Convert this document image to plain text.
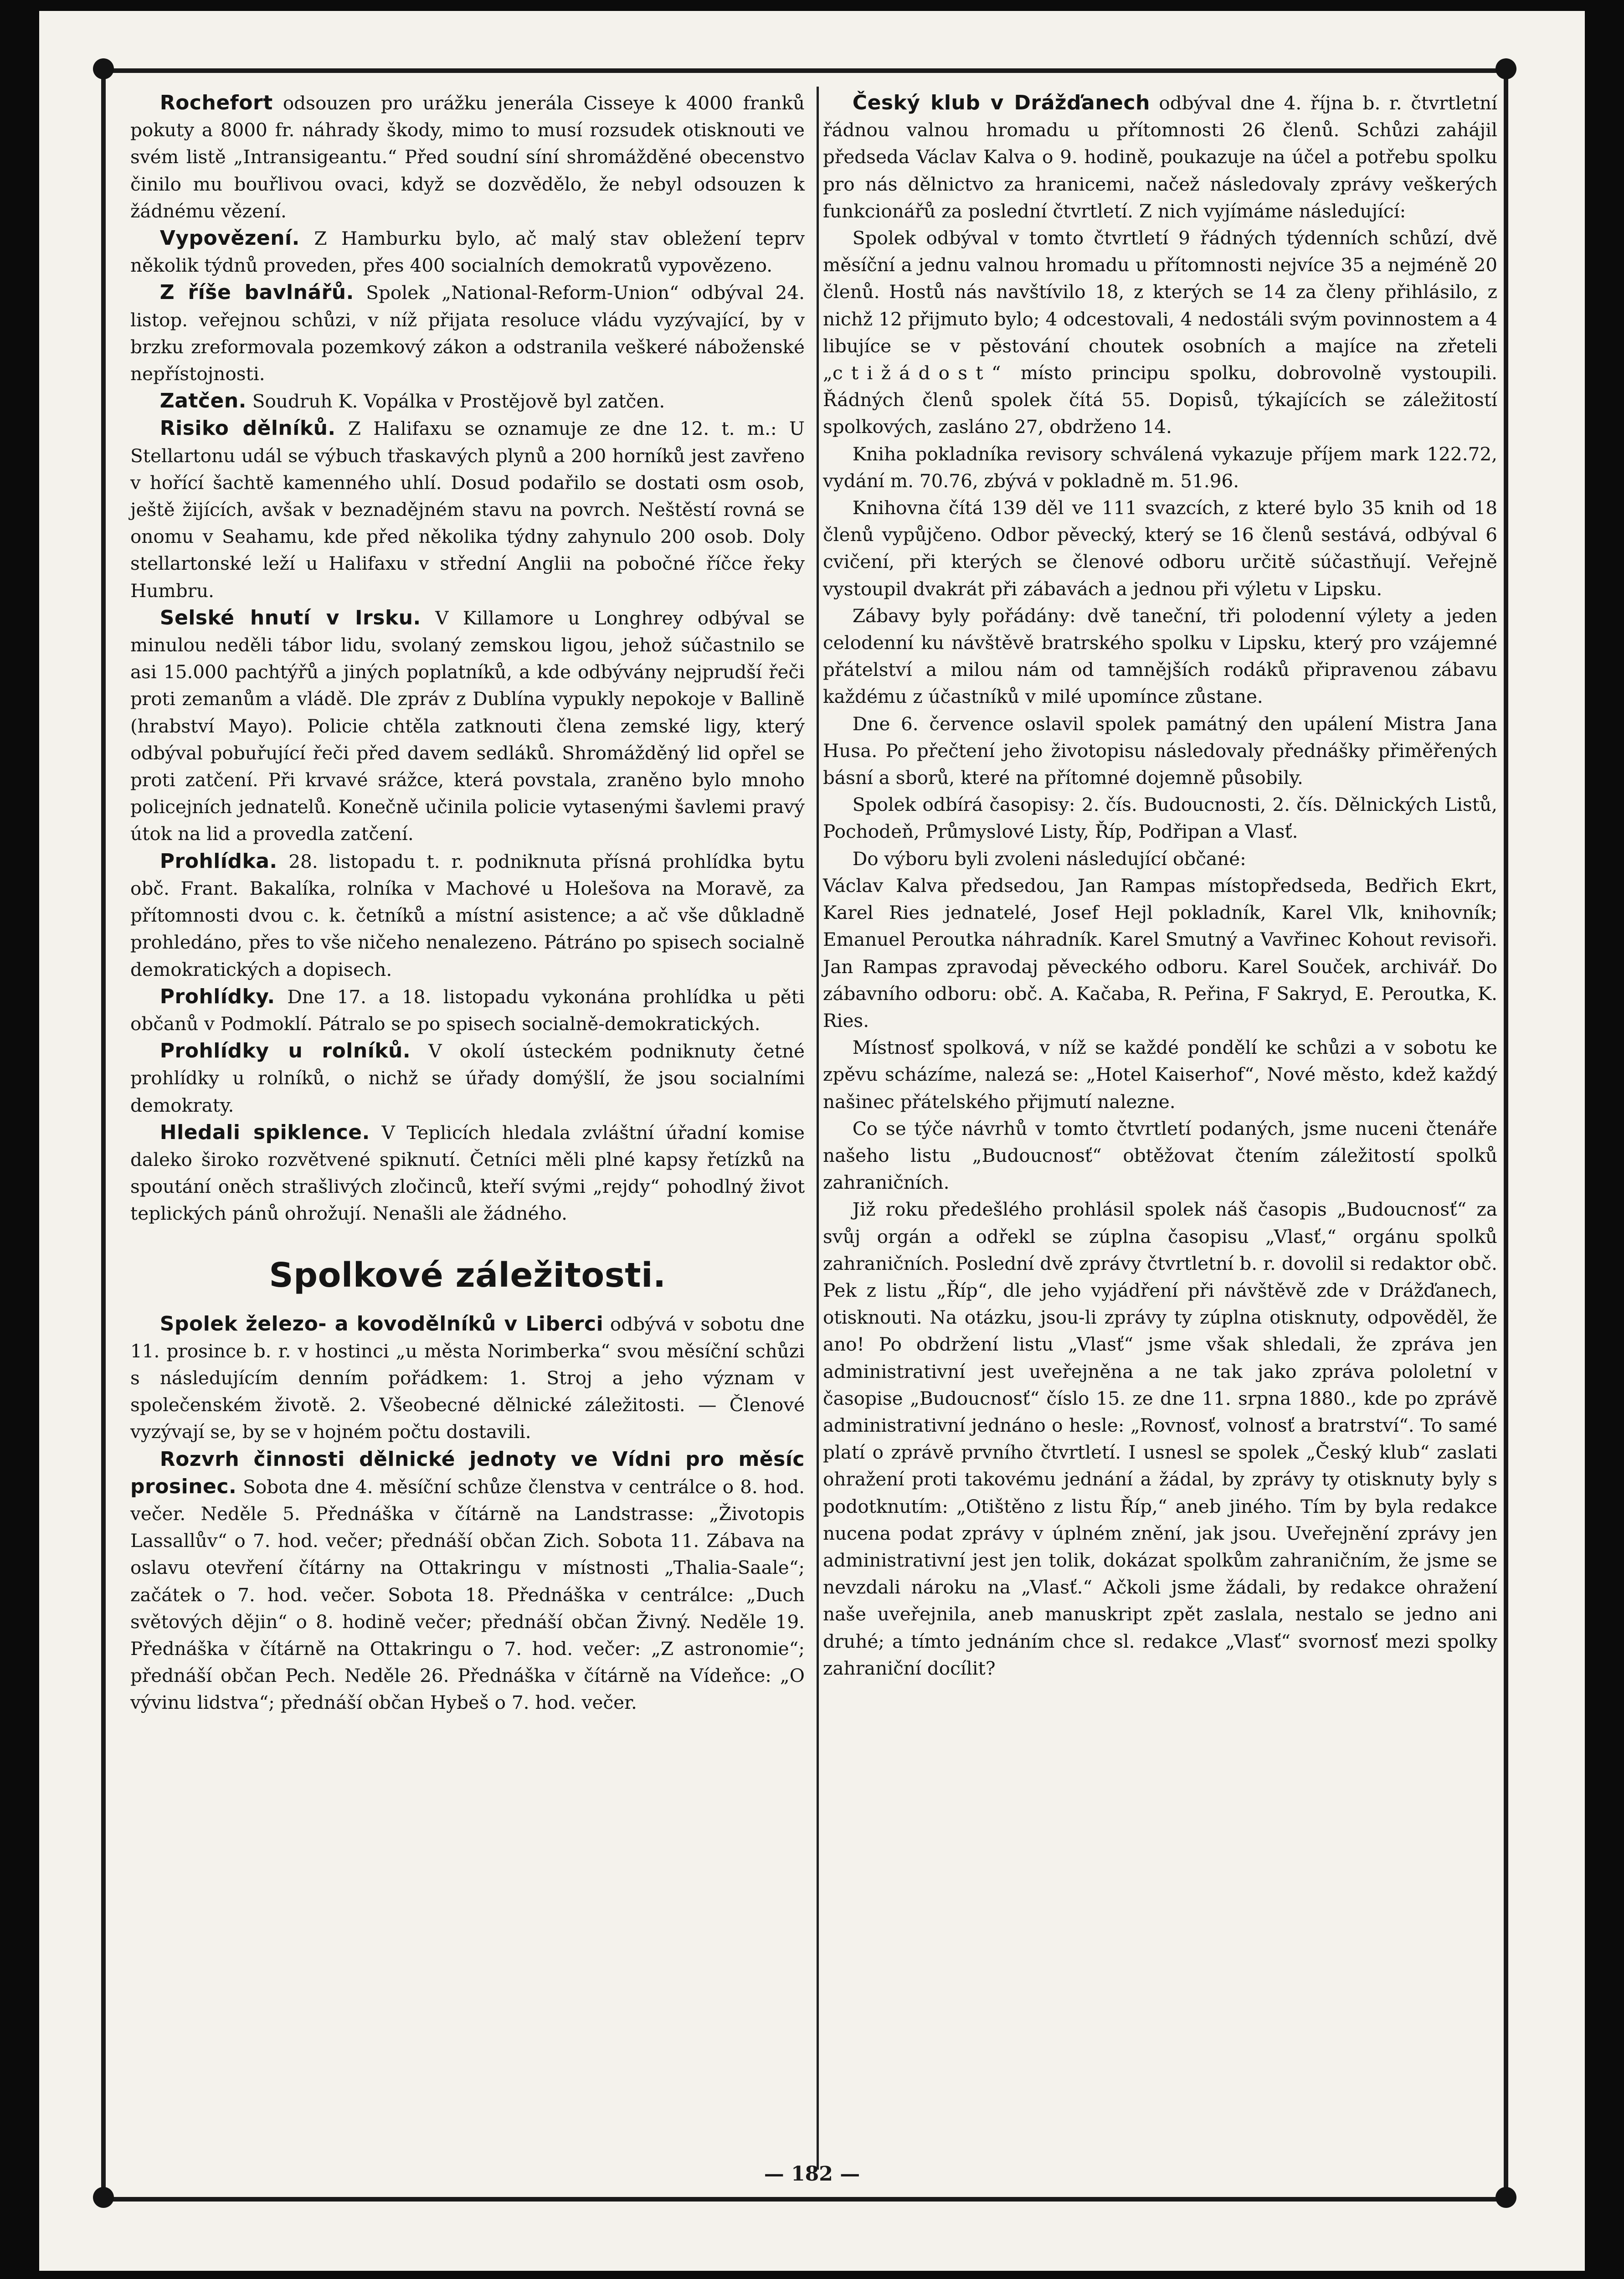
Rochefort odsouzen pro urážku jenerála Cisseye k 4000 franků pokuty a 8000 fr. náhrady škody, mimo to musí rozsudek otisknouti ve svém listě „Intransigeantu.“ Před soudní síní shromážděné obecenstvo činilo mu bouřlivou ovaci, když se dozvědělo, že nebyl odsouzen k žádnému vězení.

Vypovězení. Z Hamburku bylo, ač malý stav obležení teprv několik týdnů proveden, přes 400 socialních demokratů vypovězeno.

Z říše bavlnářů. Spolek „National-Reform-Union“ odbýval 24. listop. veřejnou schůzi, v níž přijata resoluce vládu vyzývající, by v brzku zreformovala pozemkový zákon a odstranila veškeré náboženské nepřístojnosti.

Zatčen. Soudruh K. Vopálka v Prostějově byl zatčen.

Risiko dělníků. Z Halifaxu se oznamuje ze dne 12. t. m.: U Stellartonu udál se výbuch třaskavých plynů a 200 horníků jest zavřeno v hořící šachtě kamenného uhlí. Dosud podařilo se dostati osm osob, ještě žijících, avšak v beznadějném stavu na povrch. Neštěstí rovná se onomu v Seahamu, kde před několika týdny zahynulo 200 osob. Doly stellartonské leží u Halifaxu v střední Anglii na pobočné říčce řeky Humbru.

Selské hnutí v Irsku. V Killamore u Longhrey odbýval se minulou neděli tábor lidu, svolaný zemskou ligou, jehož súčastnilo se asi 15.000 pachtýřů a jiných poplatníků, a kde odbývány nejprudší řeči proti zemanům a vládě. Dle zpráv z Dublína vypukly nepokoje v Ballině (hrabství Mayo). Policie chtěla zatknouti člena zemské ligy, který odbýval pobuřující řeči před davem sedláků. Shromážděný lid opřel se proti zatčení. Při krvavé srážce, která povstala, zraněno bylo mnoho policejních jednatelů. Konečně učinila policie vytasenými šavlemi pravý útok na lid a provedla zatčení.

Prohlídka. 28. listopadu t. r. podniknuta přísná prohlídka bytu obč. Frant. Bakalíka, rolníka v Machové u Holešova na Moravě, za přítomnosti dvou c. k. četníků a místní asistence; a ač vše důkladně prohledáno, přes to vše ničeho nenalezeno. Pátráno po spisech socialně demokratických a dopisech.

Prohlídky. Dne 17. a 18. listopadu vykonána prohlídka u pěti občanů v Podmoklí. Pátralo se po spisech socialně-demokratických.

Prohlídky u rolníků. V okolí ústeckém podniknuty četné prohlídky u rolníků, o nichž se úřady domýšlí, že jsou socialními demokraty.

Hledali spiklence. V Teplicích hledala zvláštní úřadní komise daleko široko rozvětvené spiknutí. Četníci měli plné kapsy řetízků na spoutání oněch strašlivých zločinců, kteří svými „rejdy“ pohodlný život teplických pánů ohrožují. Nenašli ale žádného.

Spolkové záležitosti.

Spolek železo- a kovodělníků v Liberci odbývá v sobotu dne 11. prosince b. r. v hostinci „u města Norimberka“ svou měsíční schůzi s následujícím denním pořádkem: 1. Stroj a jeho význam v společenském životě. 2. Všeobecné dělnické záležitosti. — Členové vyzývají se, by se v hojném počtu dostavili.

Rozvrh činnosti dělnické jednoty ve Vídni pro měsíc prosinec. Sobota dne 4. měsíční schůze členstva v centrálce o 8. hod. večer. Neděle 5. Přednáška v čítárně na Landstrasse: „Životopis Lassallův“ o 7. hod. večer; přednáší občan Zich. Sobota 11. Zábava na oslavu otevření čítárny na Ottakringu v místnosti „Thalia-Saale“; začátek o 7. hod. večer. Sobota 18. Přednáška v centrálce: „Duch světových dějin“ o 8. hodině večer; přednáší občan Živný. Neděle 19. Přednáška v čítárně na Ottakringu o 7. hod. večer: „Z astronomie“; přednáší občan Pech. Neděle 26. Přednáška v čítárně na Vídeňce: „O vývinu lidstva“; přednáší občan Hybeš o 7. hod. večer.

Český klub v Drážďanech odbýval dne 4. října b. r. čtvrtletní řádnou valnou hromadu u přítomnosti 26 členů. Schůzi zahájil předseda Václav Kalva o 9. hodině, poukazuje na účel a potřebu spolku pro nás dělnictvo za hranicemi, načež následovaly zprávy veškerých funkcionářů za poslední čtvrtletí. Z nich vyjímáme následující:

Spolek odbýval v tomto čtvrtletí 9 řádných týdenních schůzí, dvě měsíční a jednu valnou hromadu u přítomnosti nejvíce 35 a nejméně 20 členů. Hostů nás navštívilo 18, z kterých se 14 za členy přihlásilo, z nichž 12 přijmuto bylo; 4 odcestovali, 4 nedostáli svým povinnostem a 4 libujíce se v pěstování choutek osobních a majíce na zřeteli „ctižádost“ místo principu spolku, dobrovolně vystoupili. Řádných členů spolek čítá 55. Dopisů, týkajících se záležitostí spolkových, zasláno 27, obdrženo 14.

Kniha pokladníka revisory schválená vykazuje příjem mark 122.72, vydání m. 70.76, zbývá v pokladně m. 51.96.

Knihovna čítá 139 děl ve 111 svazcích, z které bylo 35 knih od 18 členů vypůjčeno. Odbor pěvecký, který se 16 členů sestává, odbýval 6 cvičení, při kterých se členové odboru určitě súčastňují. Veřejně vystoupil dvakrát při zábavách a jednou při výletu v Lipsku.

Zábavy byly pořádány: dvě taneční, tři polodenní výlety a jeden celodenní ku návštěvě bratrského spolku v Lipsku, který pro vzájemné přátelství a milou nám od tamnějších rodáků připravenou zábavu každému z účastníků v milé upomínce zůstane.

Dne 6. července oslavil spolek památný den upálení Mistra Jana Husa. Po přečtení jeho životopisu následovaly přednášky přiměřených básní a sborů, které na přítomné dojemně působily.

Spolek odbírá časopisy: 2. čís. Budoucnosti, 2. čís. Dělnických Listů, Pochodeň, Průmyslové Listy, Říp, Podřipan a Vlasť.

Do výboru byli zvoleni následující občané:

Václav Kalva předsedou, Jan Rampas místopředseda, Bedřich Ekrt, Karel Ries jednatelé, Josef Hejl pokladník, Karel Vlk, knihovník; Emanuel Peroutka náhradník. Karel Smutný a Vavřinec Kohout revisoři. Jan Rampas zpravodaj pěveckého odboru. Karel Souček, archivář. Do zábavního odboru: obč. A. Kačaba, R. Peřina, F Sakryd, E. Peroutka, K. Ries.

Místnosť spolková, v níž se každé pondělí ke schůzi a v sobotu ke zpěvu scházíme, nalezá se: „Hotel Kaiserhof“, Nové město, kdež každý našinec přátelského přijmutí nalezne.

Co se týče návrhů v tomto čtvrtletí podaných, jsme nuceni čtenáře našeho listu „Budoucnosť“ obtěžovat čtením záležitostí spolků zahraničních.

Již roku předešlého prohlásil spolek náš časopis „Budoucnosť“ za svůj orgán a odřekl se zúplna časopisu „Vlasť,“ orgánu spolků zahraničních. Poslední dvě zprávy čtvrtletní b. r. dovolil si redaktor obč. Pek z listu „Říp“, dle jeho vyjádření při návštěvě zde v Drážďanech, otisknouti. Na otázku, jsou-li zprávy ty zúplna otisknuty, odpověděl, že ano! Po obdržení listu „Vlasť“ jsme však shledali, že zpráva jen administrativní jest uveřejněna a ne tak jako zpráva pololetní v časopise „Budoucnosť“ číslo 15. ze dne 11. srpna 1880., kde po zprávě administrativní jednáno o hesle: „Rovnosť, volnosť a bratrství“. To samé platí o zprávě prvního čtvrtletí. I usnesl se spolek „Český klub“ zaslati ohražení proti takovému jednání a žádal, by zprávy ty otisknuty byly s podotknutím: „Otištěno z listu Říp,“ aneb jiného. Tím by byla redakce nucena podat zprávy v úplném znění, jak jsou. Uveřejnění zprávy jen administrativní jest jen tolik, dokázat spolkům zahraničním, že jsme se nevzdali nároku na „Vlasť.“ Ačkoli jsme žádali, by redakce ohražení naše uveřejnila, aneb manuskript zpět zaslala, nestalo se jedno ani druhé; a tímto jednáním chce sl. redakce „Vlasť“ svornosť mezi spolky zahraniční docílit?

— 182 —
